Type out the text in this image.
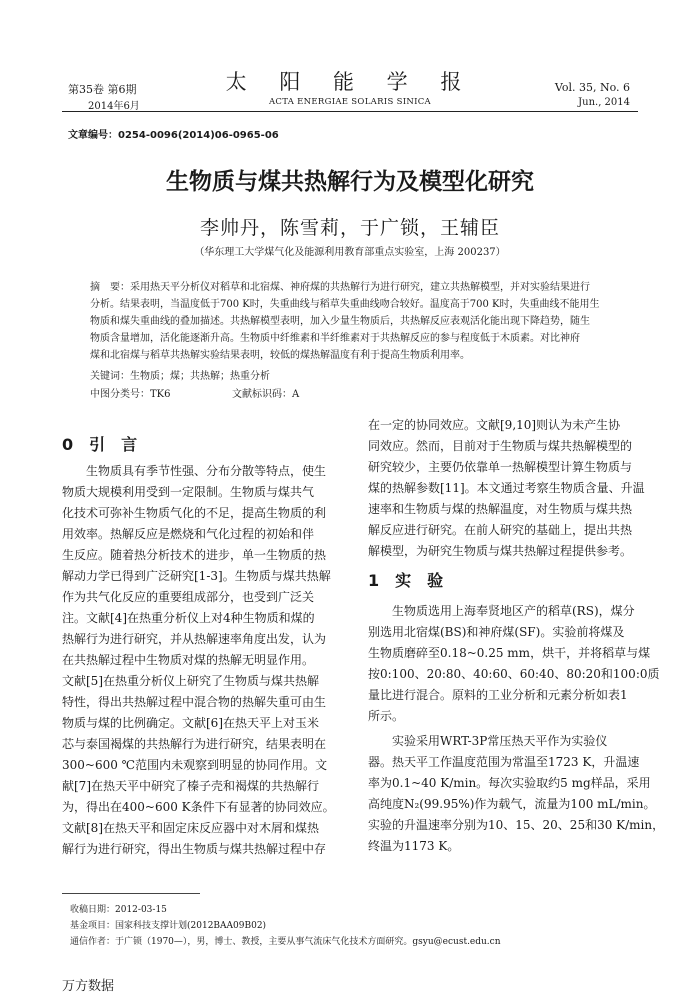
第35卷 第6期
2014年6月
太 阳 能 学 报
ACTA ENERGIAE SOLARIS SINICA
Vol. 35, No. 6
Jun., 2014
文章编号：0254-0096(2014)06-0965-06
生物质与煤共热解行为及模型化研究
李帅丹，陈雪莉，于广锁，王辅臣
（华东理工大学煤气化及能源利用教育部重点实验室，上海 200237）
摘　要：采用热天平分析仪对稻草和北宿煤、神府煤的共热解行为进行研究，建立共热解模型，并对实验结果进行
分析。结果表明，当温度低于700 K时，失重曲线与稻草失重曲线吻合较好。温度高于700 K时，失重曲线不能用生
物质和煤失重曲线的叠加描述。共热解模型表明，加入少量生物质后，共热解反应表观活化能出现下降趋势，随生
物质含量增加，活化能逐渐升高。生物质中纤维素和半纤维素对于共热解反应的参与程度低于木质素。对比神府
煤和北宿煤与稻草共热解实验结果表明，较低的煤热解温度有利于提高生物质利用率。
关键词：生物质；煤；共热解；热重分析
中图分类号：TK6	文献标识码：A
0　引　言
　　生物质具有季节性强、分布分散等特点，使生
物质大规模利用受到一定限制。生物质与煤共气
化技术可弥补生物质气化的不足，提高生物质的利
用效率。热解反应是燃烧和气化过程的初始和伴
生反应。随着热分析技术的进步，单一生物质的热
解动力学已得到广泛研究[1-3]。生物质与煤共热解
作为共气化反应的重要组成部分，也受到广泛关
注。文献[4]在热重分析仪上对4种生物质和煤的
热解行为进行研究，并从热解速率角度出发，认为
在共热解过程中生物质对煤的热解无明显作用。
文献[5]在热重分析仪上研究了生物质与煤共热解
特性，得出共热解过程中混合物的热解失重可由生
物质与煤的比例确定。文献[6]在热天平上对玉米
芯与泰国褐煤的共热解行为进行研究，结果表明在
300~600 ℃范围内未观察到明显的协同作用。文
献[7]在热天平中研究了榛子壳和褐煤的共热解行
为，得出在400~600 K条件下有显著的协同效应。
文献[8]在热天平和固定床反应器中对木屑和煤热
解行为进行研究，得出生物质与煤共热解过程中存
在一定的协同效应。文献[9,10]则认为未产生协
同效应。然而，目前对于生物质与煤共热解模型的
研究较少，主要仍依靠单一热解模型计算生物质与
煤的热解参数[11]。本文通过考察生物质含量、升温
速率和生物质与煤的热解温度，对生物质与煤共热
解反应进行研究。在前人研究的基础上，提出共热
解模型，为研究生物质与煤共热解过程提供参考。
1　实　验
　　生物质选用上海奉贤地区产的稻草(RS)，煤分
别选用北宿煤(BS)和神府煤(SF)。实验前将煤及
生物质磨碎至0.18~0.25 mm，烘干，并将稻草与煤
按0:100、20:80、40:60、60:40、80:20和100:0质
量比进行混合。原料的工业分析和元素分析如表1
所示。
　　实验采用WRT-3P常压热天平作为实验仪
器。热天平工作温度范围为常温至1723 K，升温速
率为0.1~40 K/min。每次实验取约5 mg样品，采用
高纯度N₂(99.95%)作为载气，流量为100 mL/min。
实验的升温速率分别为10、15、20、25和30 K/min，
终温为1173 K。
收稿日期：2012-03-15
基金项目：国家科技支撑计划(2012BAA09B02)
通信作者：于广锁（1970—），男，博士、教授，主要从事气流床气化技术方面研究。gsyu@ecust.edu.cn
万方数据
